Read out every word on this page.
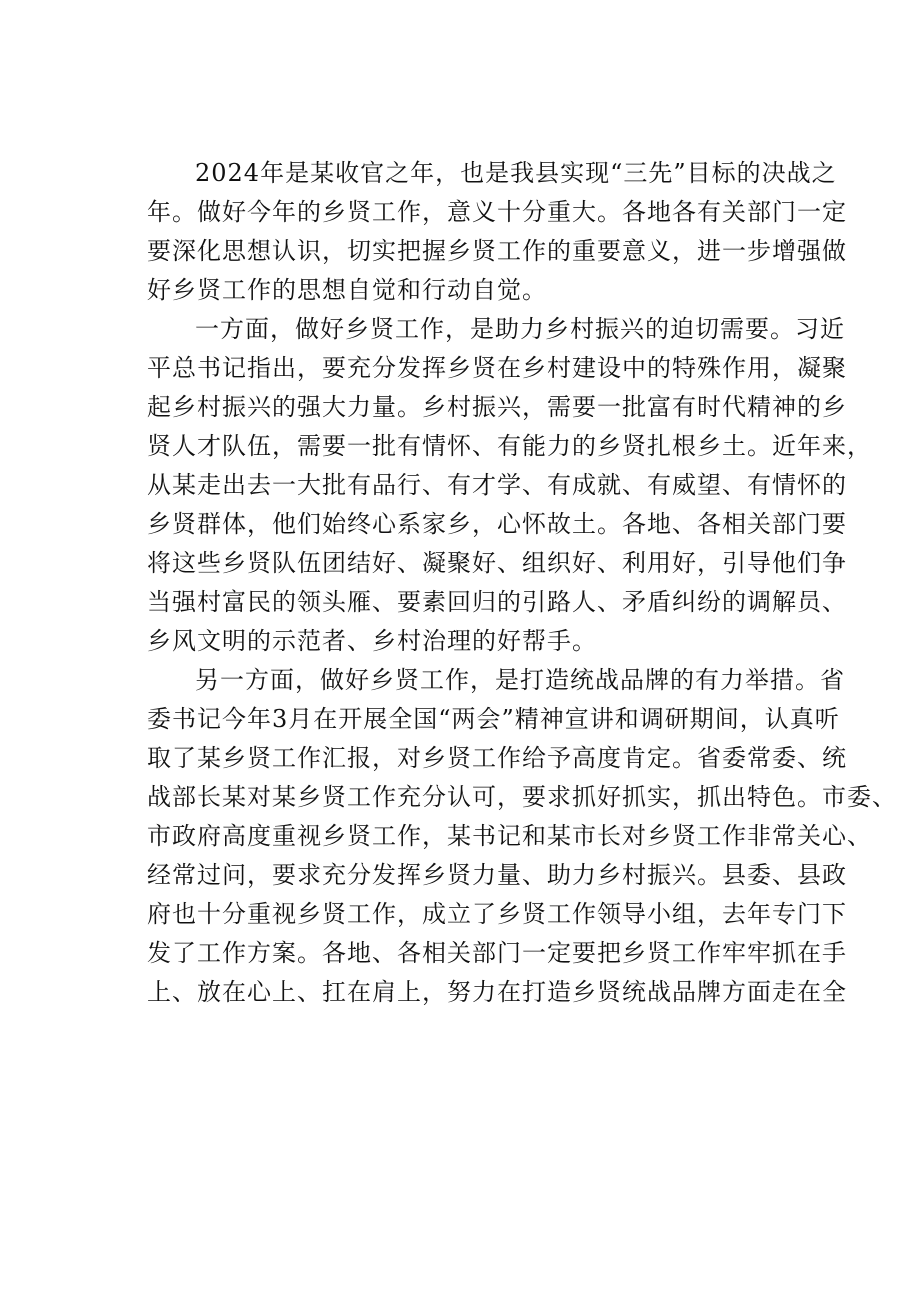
2024年是某收官之年，也是我县实现“三先”目标的决战之
年。做好今年的乡贤工作，意义十分重大。各地各有关部门一定
要深化思想认识，切实把握乡贤工作的重要意义，进一步增强做
好乡贤工作的思想自觉和行动自觉。
一方面，做好乡贤工作，是助力乡村振兴的迫切需要。习近
平总书记指出，要充分发挥乡贤在乡村建设中的特殊作用，凝聚
起乡村振兴的强大力量。乡村振兴，需要一批富有时代精神的乡
贤人才队伍，需要一批有情怀、有能力的乡贤扎根乡土。近年来，
从某走出去一大批有品行、有才学、有成就、有威望、有情怀的
乡贤群体，他们始终心系家乡，心怀故土。各地、各相关部门要
将这些乡贤队伍团结好、凝聚好、组织好、利用好，引导他们争
当强村富民的领头雁、要素回归的引路人、矛盾纠纷的调解员、
乡风文明的示范者、乡村治理的好帮手。
另一方面，做好乡贤工作，是打造统战品牌的有力举措。省
委书记今年3月在开展全国“两会”精神宣讲和调研期间，认真听
取了某乡贤工作汇报，对乡贤工作给予高度肯定。省委常委、统
战部长某对某乡贤工作充分认可，要求抓好抓实，抓出特色。市委、
市政府高度重视乡贤工作，某书记和某市长对乡贤工作非常关心、
经常过问，要求充分发挥乡贤力量、助力乡村振兴。县委、县政
府也十分重视乡贤工作，成立了乡贤工作领导小组，去年专门下
发了工作方案。各地、各相关部门一定要把乡贤工作牢牢抓在手
上、放在心上、扛在肩上，努力在打造乡贤统战品牌方面走在全
